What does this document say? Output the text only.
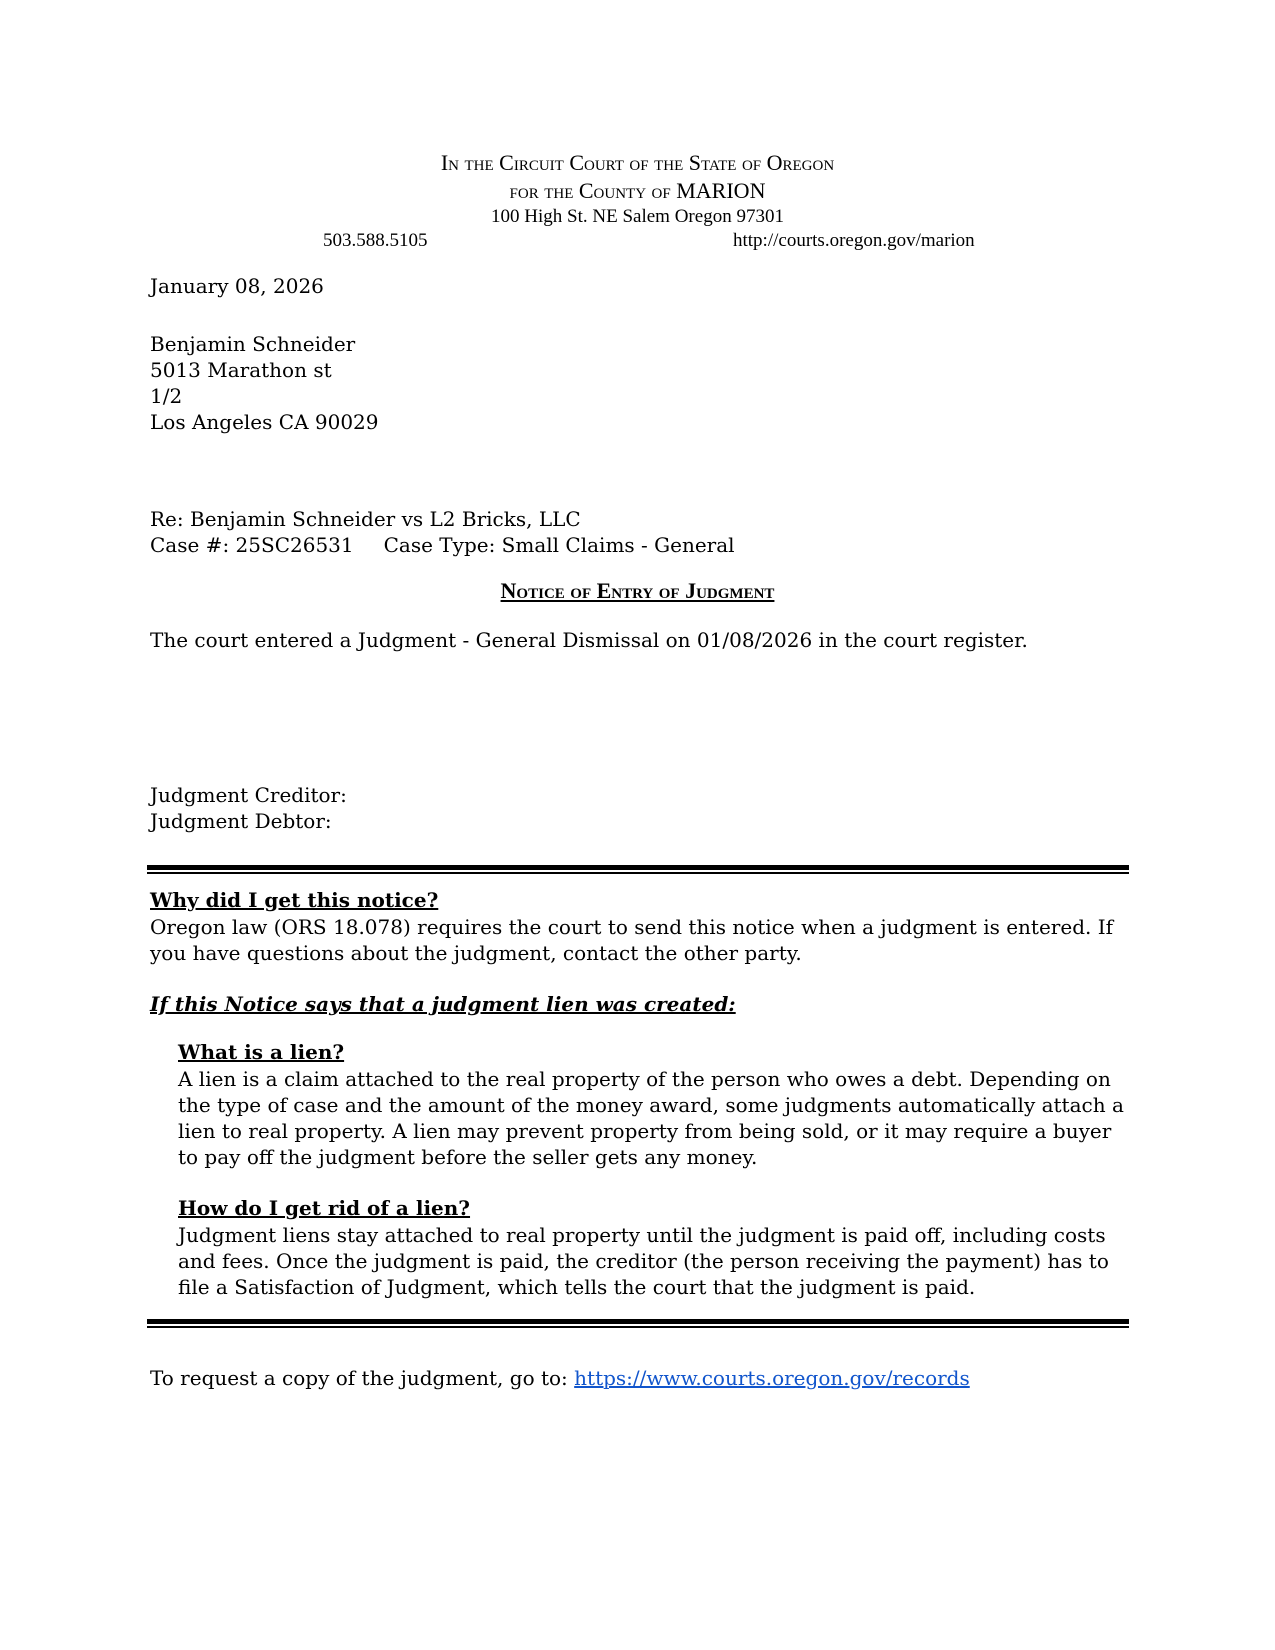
In the Circuit Court of the State of Oregon
for the County of MARION
100 High St. NE Salem Oregon 97301
503.588.5105	http://courts.oregon.gov/marion
January 08, 2026
Benjamin Schneider
5013 Marathon st
1/2
Los Angeles CA 90029
Re: Benjamin Schneider vs L2 Bricks, LLC
Case #: 25SC26531 Case Type: Small Claims - General
Notice of Entry of Judgment
The court entered a Judgment - General Dismissal on 01/08/2026 in the court register.
Judgment Creditor:
Judgment Debtor:
Why did I get this notice?
Oregon law (ORS 18.078) requires the court to send this notice when a judgment is entered. If
you have questions about the judgment, contact the other party.
If this Notice says that a judgment lien was created:
What is a lien?
A lien is a claim attached to the real property of the person who owes a debt. Depending on
the type of case and the amount of the money award, some judgments automatically attach a
lien to real property. A lien may prevent property from being sold, or it may require a buyer
to pay off the judgment before the seller gets any money.
How do I get rid of a lien?
Judgment liens stay attached to real property until the judgment is paid off, including costs
and fees. Once the judgment is paid, the creditor (the person receiving the payment) has to
file a Satisfaction of Judgment, which tells the court that the judgment is paid.
To request a copy of the judgment, go to: https://www.courts.oregon.gov/records
